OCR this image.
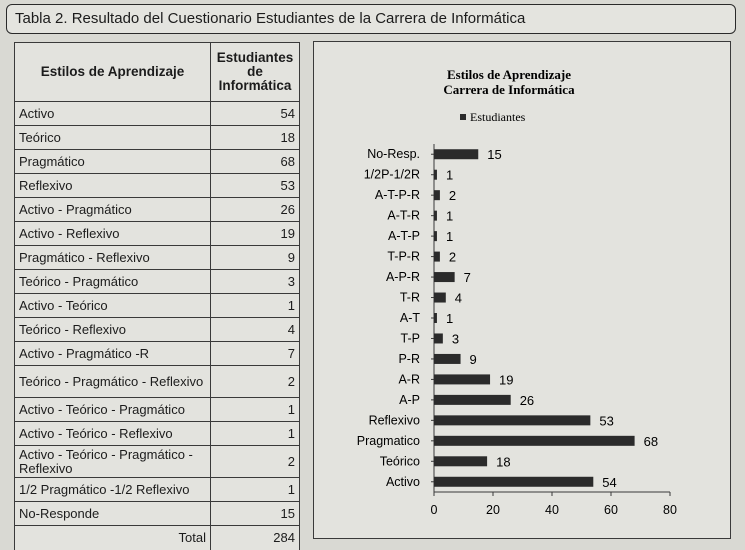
Tabla 2. Resultado del Cuestionario Estudiantes de la Carrera de Informática
Estilos de Aprendizaje	Estudiantes de Informática
Activo	54
Teórico	18
Pragmático	68
Reflexivo	53
Activo - Pragmático	26
Activo - Reflexivo	19
Pragmático - Reflexivo	9
Teórico - Pragmático	3
Activo - Teórico	1
Teórico - Reflexivo	4
Activo - Pragmático -R	7
Teórico - Pragmático - Reflexivo	2
Activo - Teórico - Pragmático	1
Activo - Teórico - Reflexivo	1
Activo - Teórico - Pragmático - Reflexivo	2
1/2 Pragmático -1/2 Reflexivo	1
No-Responde	15
Total	284
Estilos de Aprendizaje
Carrera de Informática
Estudiantes
0	20	40	60	80
Activo	54
Teórico	18
Pragmatico	68
Reflexivo	53
A-P	26
A-R	19
P-R	9
T-P 3
A-T 1
T-R	4
A-P-R	7
T-P-R 2
A-T-P 1
A-T-R 1
A-T-P-R 2
1/2P-1/2R 1
No-Resp.	15
